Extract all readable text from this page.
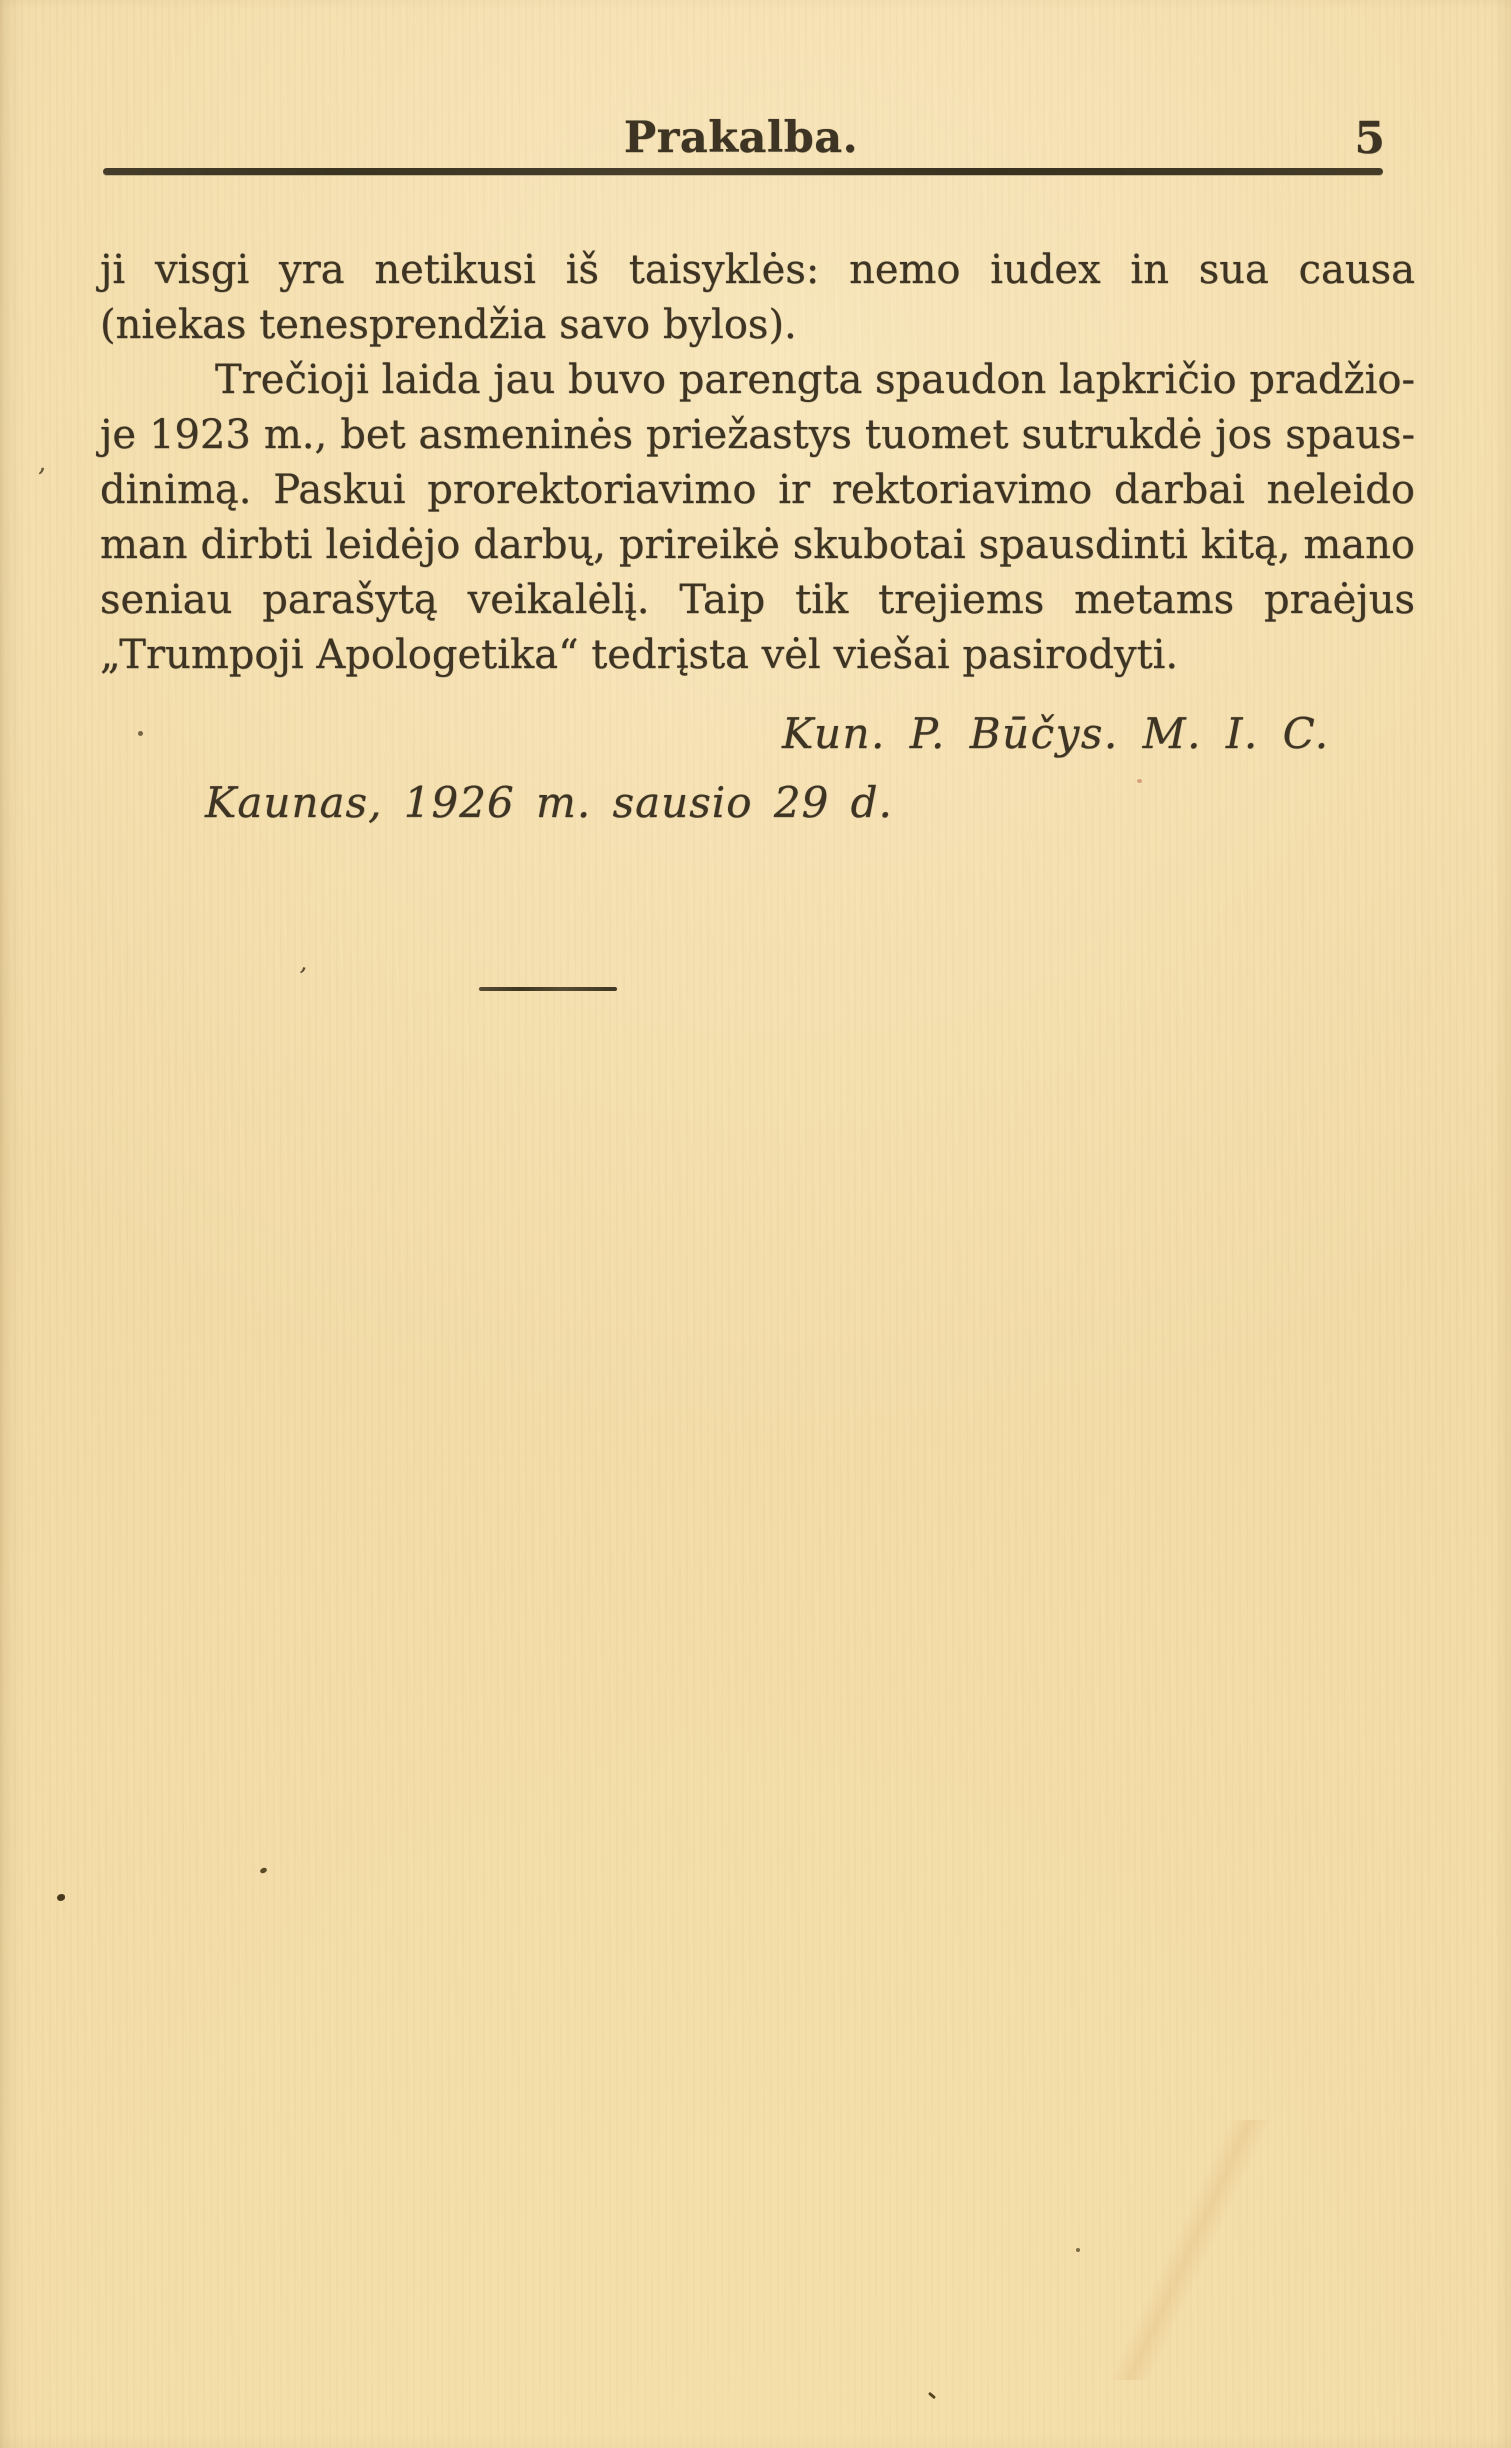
Prakalba.	5
ji visgi yra netikusi iš taisyklės: nemo iudex in sua causa
(niekas tenesprendžia savo bylos).
Trečioji laida jau buvo parengta spaudon lapkričio pradžio-
je 1923 m., bet asmeninės priežastys tuomet sutrukdė jos spaus-
dinimą. Paskui prorektoriavimo ir rektoriavimo darbai neleido
man dirbti leidėjo darbų, prireikė skubotai spausdinti kitą, mano
seniau parašytą veikalėlį. Taip tik trejiems metams praėjus
„Trumpoji Apologetika“ tedrįsta vėl viešai pasirodyti.
Kun. P. Būčys. M. I. C.
Kaunas, 1926 m. sausio 29 d.
’
ʼ
